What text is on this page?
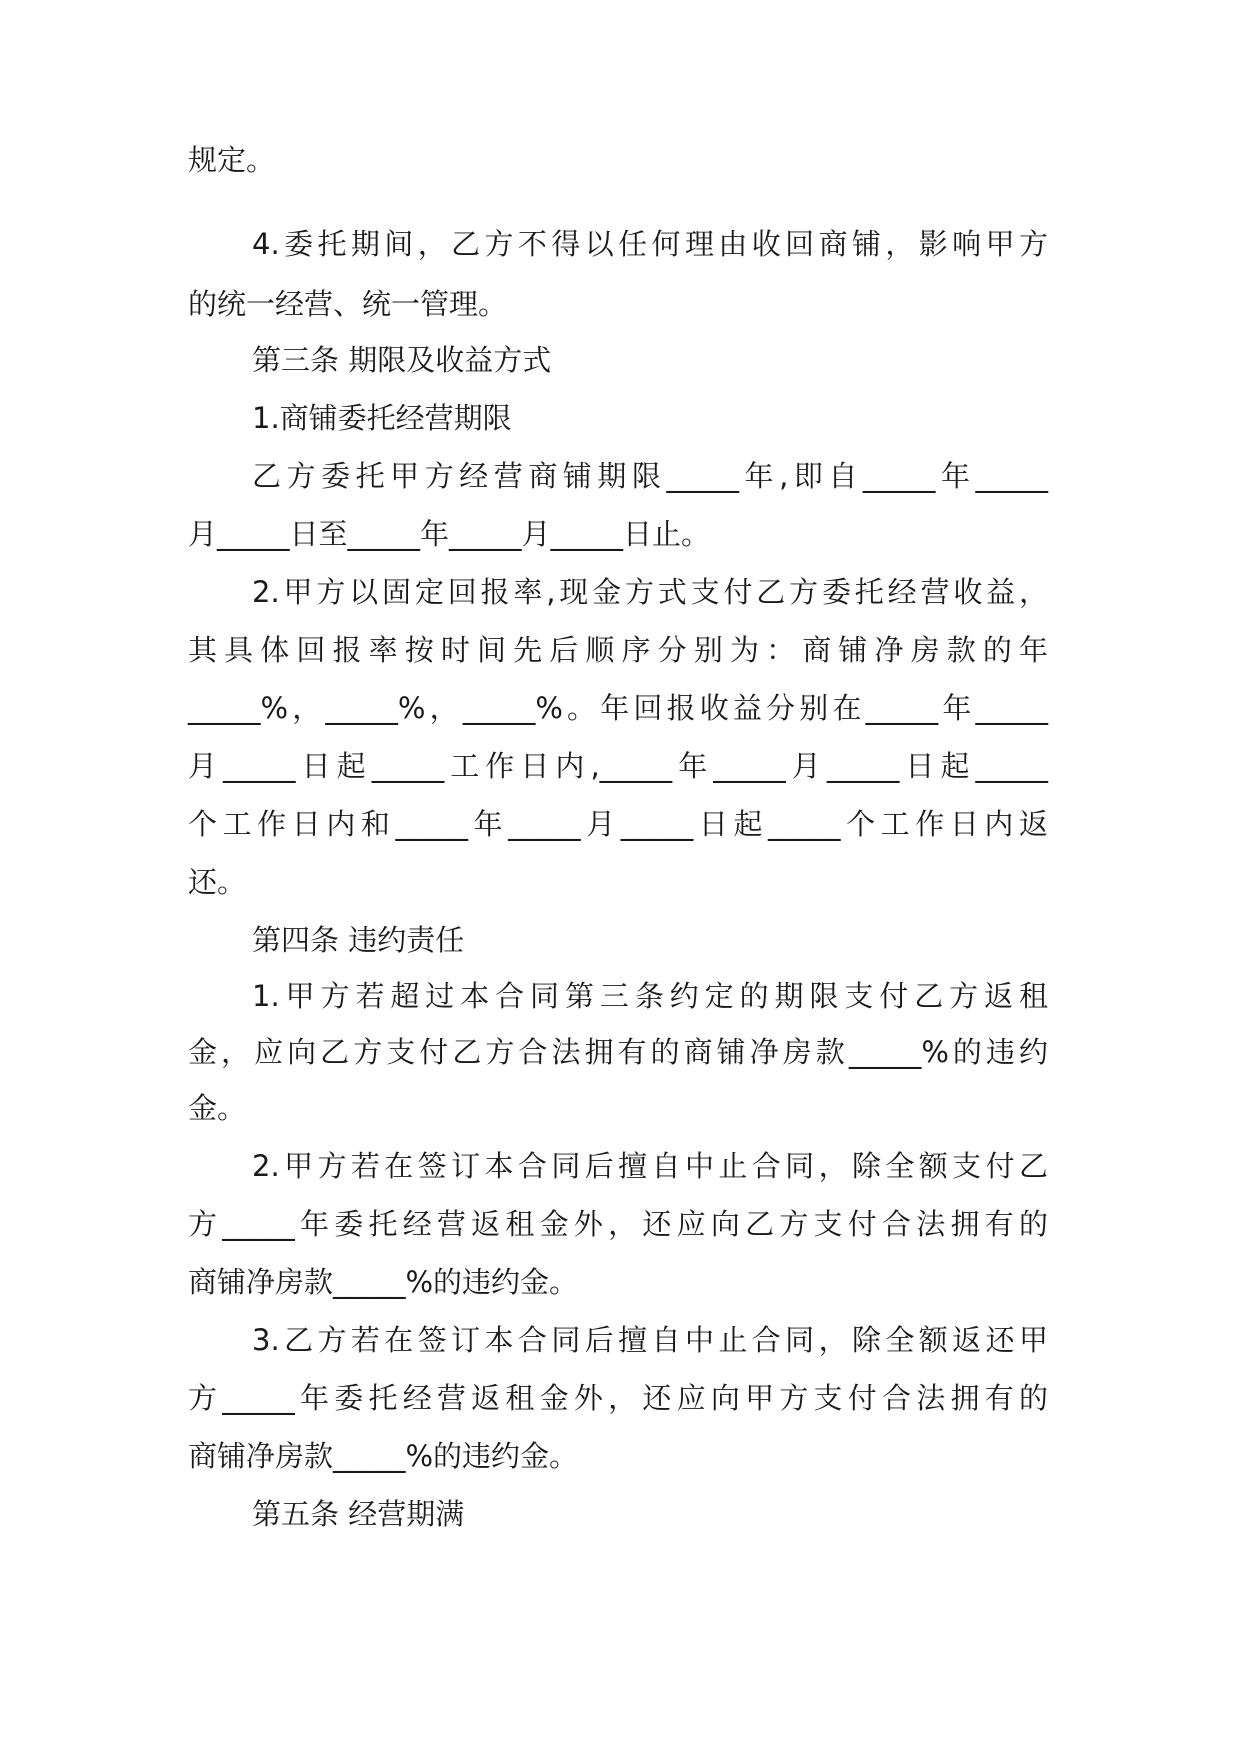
规定。
4.委托期间，乙方不得以任何理由收回商铺，影响甲方
的统一经营、统一管理。
第三条 期限及收益方式
1.商铺委托经营期限
乙方委托甲方经营商铺期限_____年,即自_____年_____
月_____日至_____年_____月_____日止。
2.甲方以固定回报率,现金方式支付乙方委托经营收益，
其具体回报率按时间先后顺序分别为：商铺净房款的年
_____%，_____%，_____%。年回报收益分别在_____年_____
月_____日起_____工作日内,_____年_____月_____日起_____
个工作日内和_____年_____月_____日起_____个工作日内返
还。
第四条 违约责任
1.甲方若超过本合同第三条约定的期限支付乙方返租
金，应向乙方支付乙方合法拥有的商铺净房款_____%的违约
金。
2.甲方若在签订本合同后擅自中止合同，除全额支付乙
方_____年委托经营返租金外，还应向乙方支付合法拥有的
商铺净房款_____%的违约金。
3.乙方若在签订本合同后擅自中止合同，除全额返还甲
方_____年委托经营返租金外，还应向甲方支付合法拥有的
商铺净房款_____%的违约金。
第五条 经营期满
